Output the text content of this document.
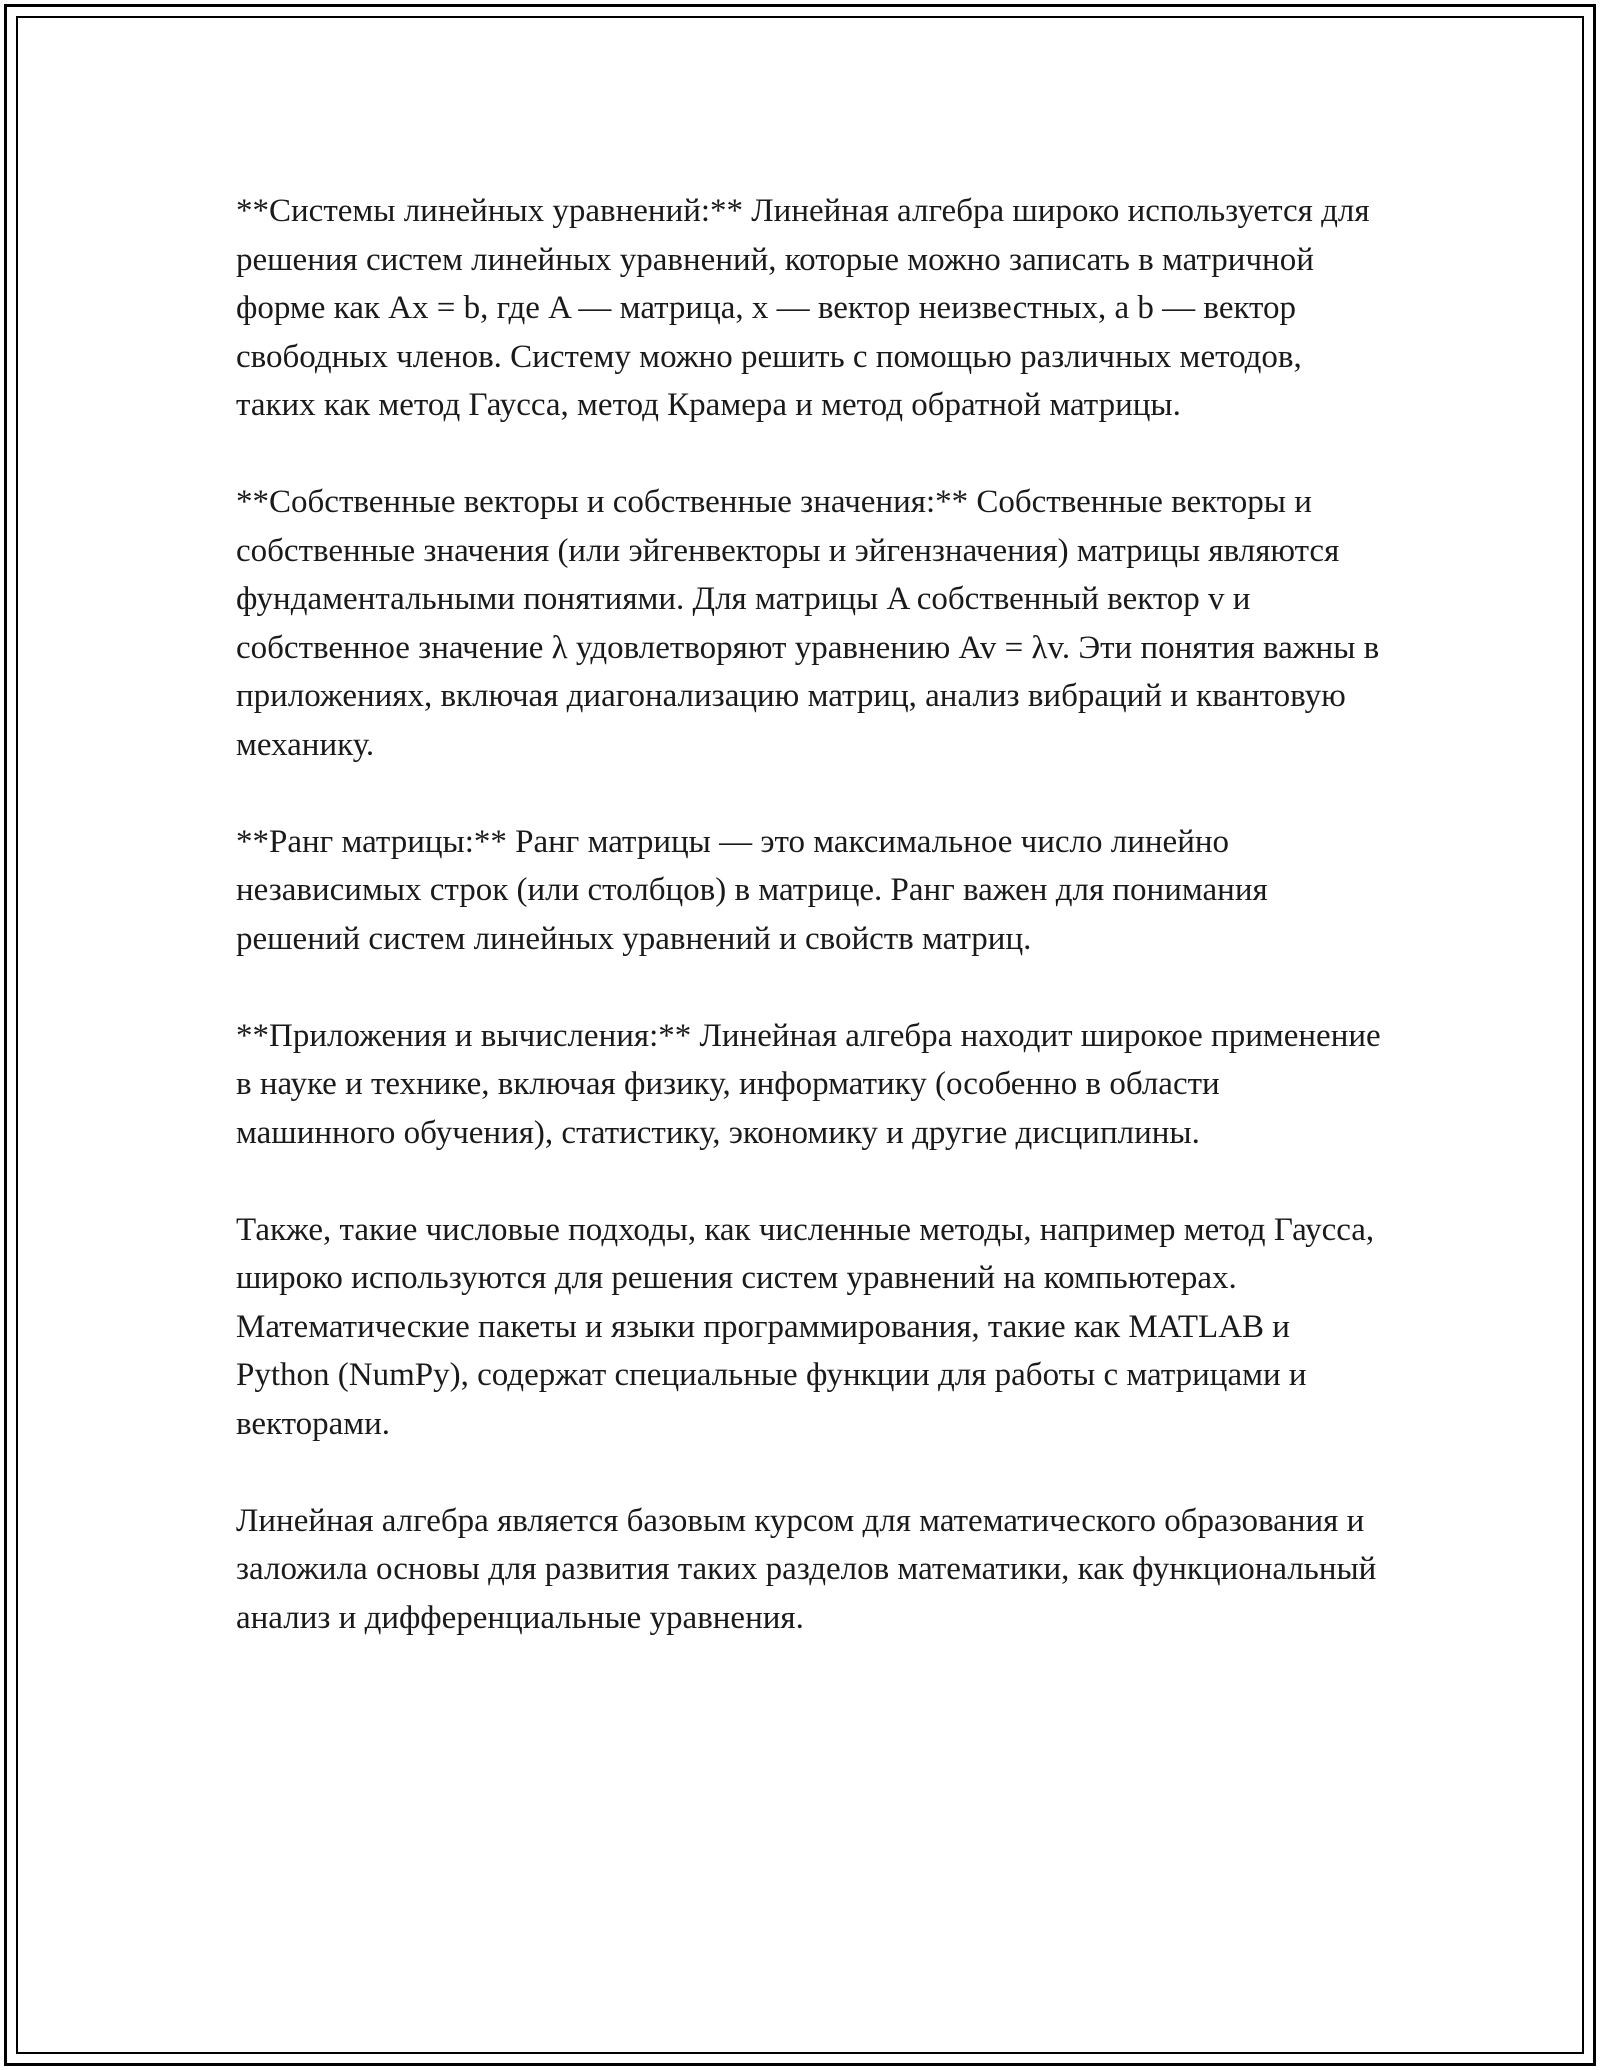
**Системы линейных уравнений:** Линейная алгебра широко используется для решения систем линейных уравнений, которые можно записать в матричной форме как Ax = b, где A — матрица, x — вектор неизвестных, а b — вектор свободных членов. Систему можно решить с помощью различных методов, таких как метод Гаусса, метод Крамера и метод обратной матрицы.

**Собственные векторы и собственные значения:** Собственные векторы и собственные значения (или эйгенвекторы и эйгензначения) матрицы являются фундаментальными понятиями. Для матрицы A собственный вектор v и собственное значение λ удовлетворяют уравнению Av = λv. Эти понятия важны в приложениях, включая диагонализацию матриц, анализ вибраций и квантовую механику.

**Ранг матрицы:** Ранг матрицы — это максимальное число линейно независимых строк (или столбцов) в матрице. Ранг важен для понимания решений систем линейных уравнений и свойств матриц.

**Приложения и вычисления:** Линейная алгебра находит широкое применение в науке и технике, включая физику, информатику (особенно в области машинного обучения), статистику, экономику и другие дисциплины.

Также, такие числовые подходы, как численные методы, например метод Гаусса, широко используются для решения систем уравнений на компьютерах. Математические пакеты и языки программирования, такие как MATLAB и Python (NumPy), содержат специальные функции для работы с матрицами и векторами.

Линейная алгебра является базовым курсом для математического образования и заложила основы для развития таких разделов математики, как функциональный анализ и дифференциальные уравнения.
